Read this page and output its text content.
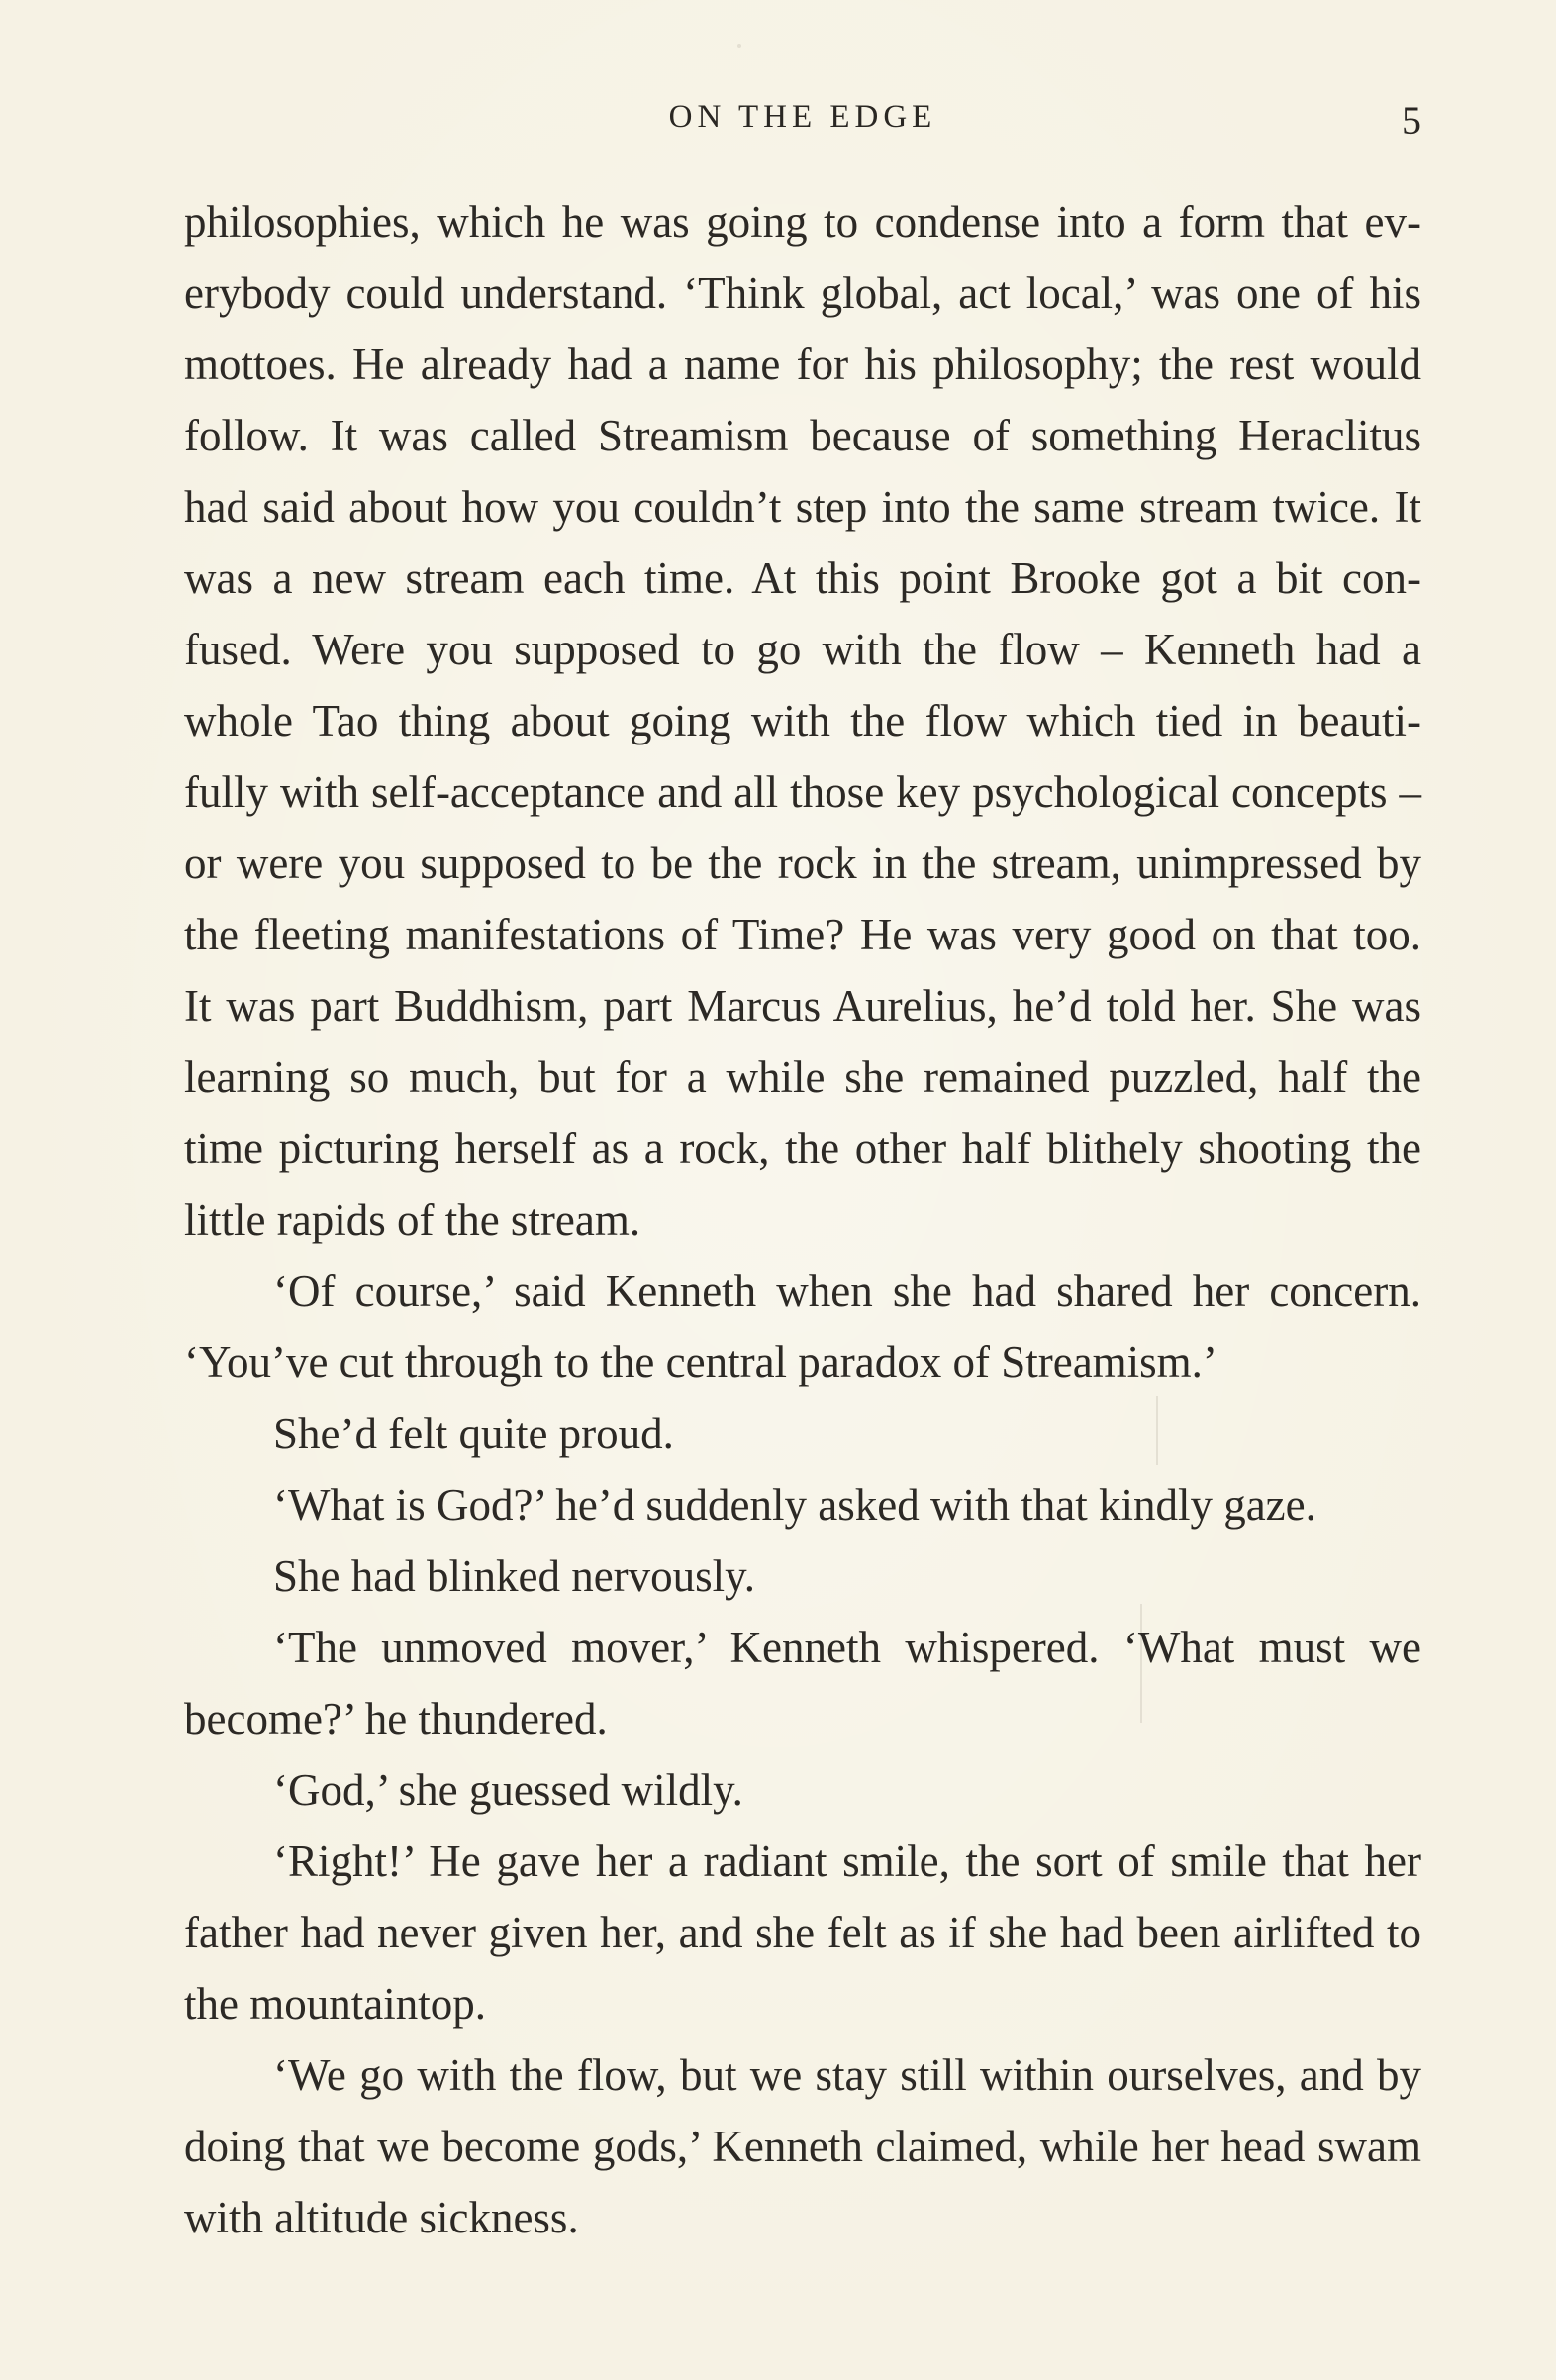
ON THE EDGE	5
philosophies, which he was going to condense into a form that ev-
erybody could understand. ‘Think global, act local,’ was one of his
mottoes. He already had a name for his philosophy; the rest would
follow. It was called Streamism because of something Heraclitus
had said about how you couldn’t step into the same stream twice. It
was a new stream each time. At this point Brooke got a bit con-
fused. Were you supposed to go with the flow – Kenneth had a
whole Tao thing about going with the flow which tied in beauti-
fully with self-acceptance and all those key psychological concepts –
or were you supposed to be the rock in the stream, unimpressed by
the fleeting manifestations of Time? He was very good on that too.
It was part Buddhism, part Marcus Aurelius, he’d told her. She was
learning so much, but for a while she remained puzzled, half the
time picturing herself as a rock, the other half blithely shooting the
little rapids of the stream.
‘Of course,’ said Kenneth when she had shared her concern.
‘You’ve cut through to the central paradox of Streamism.’
She’d felt quite proud.
‘What is God?’ he’d suddenly asked with that kindly gaze.
She had blinked nervously.
‘The unmoved mover,’ Kenneth whispered. ‘What must we
become?’ he thundered.
‘God,’ she guessed wildly.
‘Right!’ He gave her a radiant smile, the sort of smile that her
father had never given her, and she felt as if she had been airlifted to
the mountaintop.
‘We go with the flow, but we stay still within ourselves, and by
doing that we become gods,’ Kenneth claimed, while her head swam
with altitude sickness.
